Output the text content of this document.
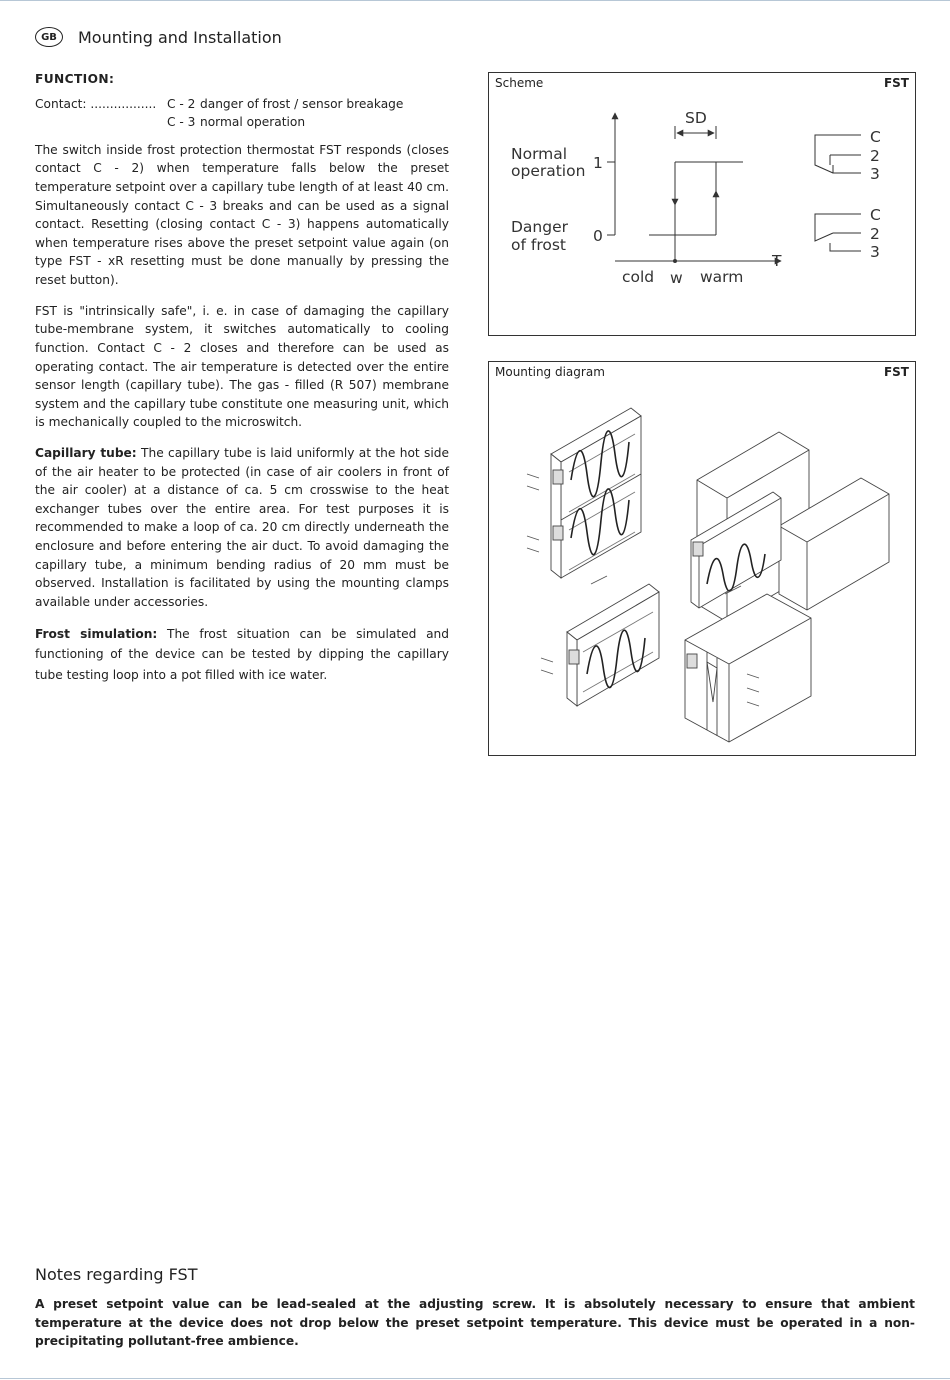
GB	Mounting and Installation
FUNCTION:
Contact: ................. C - 2 danger of frost / sensor breakage
C - 3 normal operation

The switch inside frost protection thermostat FST responds (closes contact C - 2) when temperature falls below the preset temperature setpoint over a capillary tube length of at least 40 cm. Simultaneously contact C - 3 breaks and can be used as a signal contact. Resetting (closing contact C - 3) happens automatically when temperature rises above the preset setpoint value again (on type FST - xR resetting must be done manually by pressing the reset button).

FST is "intrinsically safe", i. e. in case of damaging the capillary tube-membrane system, it switches automatically to cooling function. Contact C - 2 closes and therefore can be used as operating contact. The air temperature is detected over the entire sensor length (capillary tube). The gas - filled (R 507) membrane system and the capillary tube constitute one measuring unit, which is mechanically coupled to the microswitch.

Capillary tube: The capillary tube is laid uniformly at the hot side of the air heater to be protected (in case of air coolers in front of the air cooler) at a distance of ca. 5 cm crosswise to the heat exchanger tubes over the entire area. For test purposes it is recommended to make a loop of ca. 20 cm directly underneath the enclosure and before entering the air duct. To avoid damaging the capillary tube, a minimum bending radius of 20 mm must be observed. Installation is facilitated by using the mounting clamps available under accessories.

Frost simulation: The frost situation can be simulated and functioning of the device can be tested by dipping the capillary tube testing loop into a pot filled with ice water.

Scheme	FST
Normal
operation
Danger
of frost
1
0
SD
T
cold w warm
C
2
3
C
2
3
Mounting diagram	FST
Notes regarding FST
A preset setpoint value can be lead-sealed at the adjusting screw. It is absolutely necessary to ensure that ambient temperature at the device does not drop below the preset setpoint temperature. This device must be operated in a non-precipitating pollutant-free ambience.
